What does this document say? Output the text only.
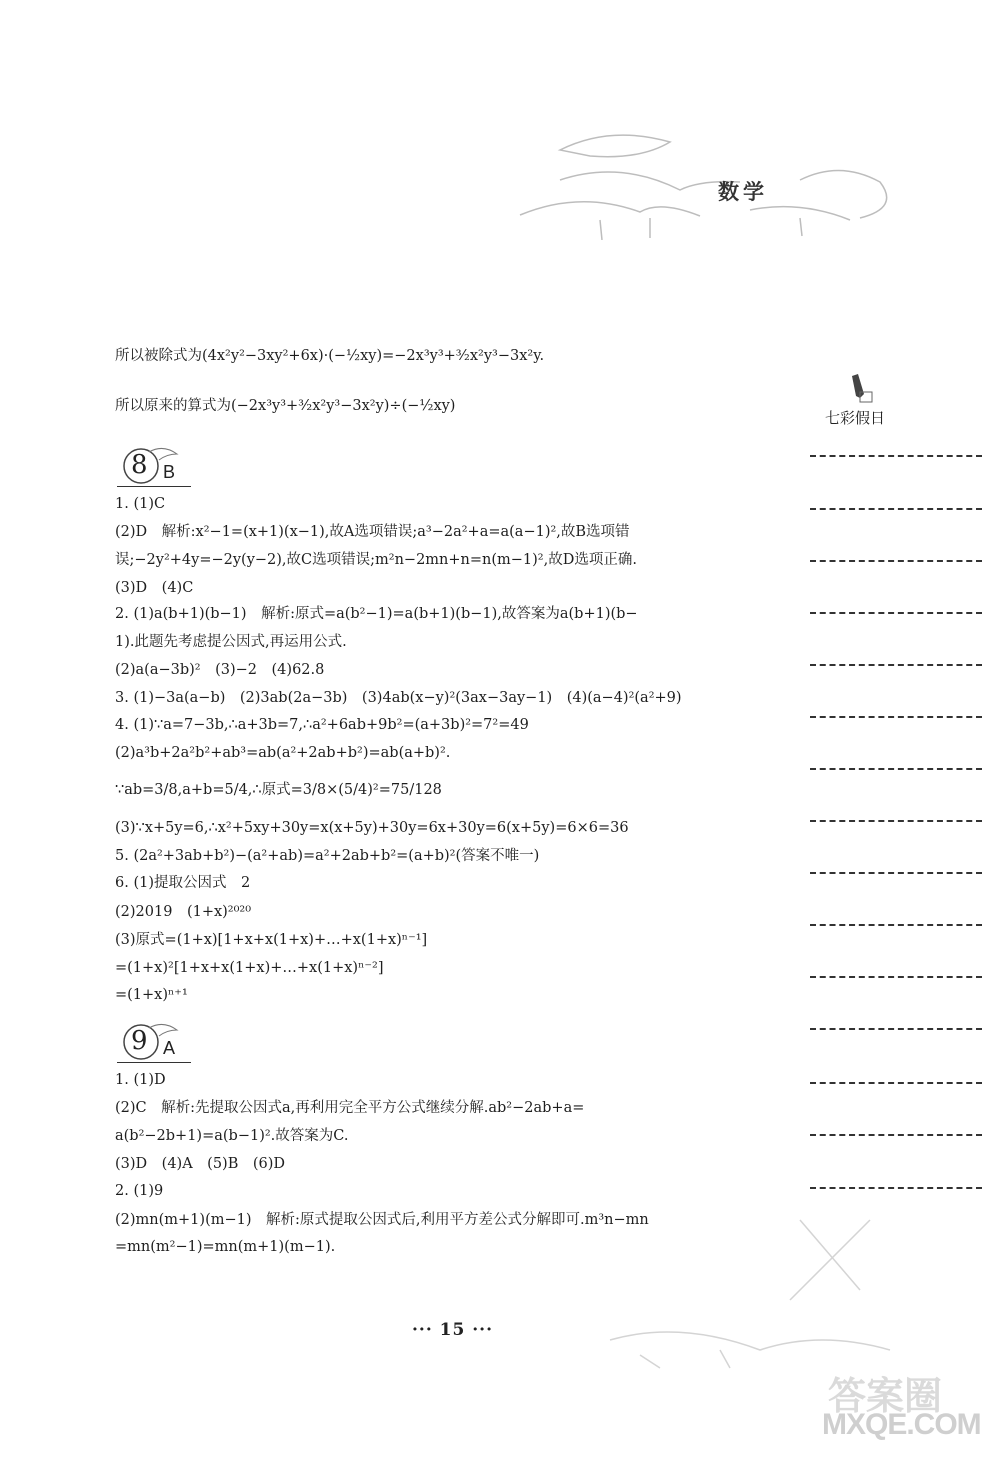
数学
所以被除式为(4x²y²−3xy²+6x)·(−½xy)=−2x³y³+³⁄₂x²y³−3x²y.
所以原来的算式为(−2x³y³+³⁄₂x²y³−3x²y)÷(−½xy)
七彩假日
8 B
1. (1)C
(2)D　解析:x²−1=(x+1)(x−1),故A选项错误;a³−2a²+a=a(a−1)²,故B选项错
误;−2y²+4y=−2y(y−2),故C选项错误;m²n−2mn+n=n(m−1)²,故D选项正确.
(3)D　(4)C
2. (1)a(b+1)(b−1)　解析:原式=a(b²−1)=a(b+1)(b−1),故答案为a(b+1)(b−
1).此题先考虑提公因式,再运用公式.
(2)a(a−3b)²　(3)−2　(4)62.8
3. (1)−3a(a−b)　(2)3ab(2a−3b)　(3)4ab(x−y)²(3ax−3ay−1)　(4)(a−4)²(a²+9)
4. (1)∵a=7−3b,∴a+3b=7,∴a²+6ab+9b²=(a+3b)²=7²=49
(2)a³b+2a²b²+ab³=ab(a²+2ab+b²)=ab(a+b)².
∵ab=3/8,a+b=5/4,∴原式=3/8×(5/4)²=75/128
(3)∵x+5y=6,∴x²+5xy+30y=x(x+5y)+30y=6x+30y=6(x+5y)=6×6=36
5. (2a²+3ab+b²)−(a²+ab)=a²+2ab+b²=(a+b)²(答案不唯一)
6. (1)提取公因式　2
(2)2019　(1+x)²⁰²⁰
(3)原式=(1+x)[1+x+x(1+x)+…+x(1+x)ⁿ⁻¹]
=(1+x)²[1+x+x(1+x)+…+x(1+x)ⁿ⁻²]
=(1+x)ⁿ⁺¹
9 A
1. (1)D
(2)C　解析:先提取公因式a,再利用完全平方公式继续分解.ab²−2ab+a=
a(b²−2b+1)=a(b−1)².故答案为C.
(3)D　(4)A　(5)B　(6)D
2. (1)9
(2)mn(m+1)(m−1)　解析:原式提取公因式后,利用平方差公式分解即可.m³n−mn
=mn(m²−1)=mn(m+1)(m−1).
··· 15 ···
答案圈
MXQE.COM
